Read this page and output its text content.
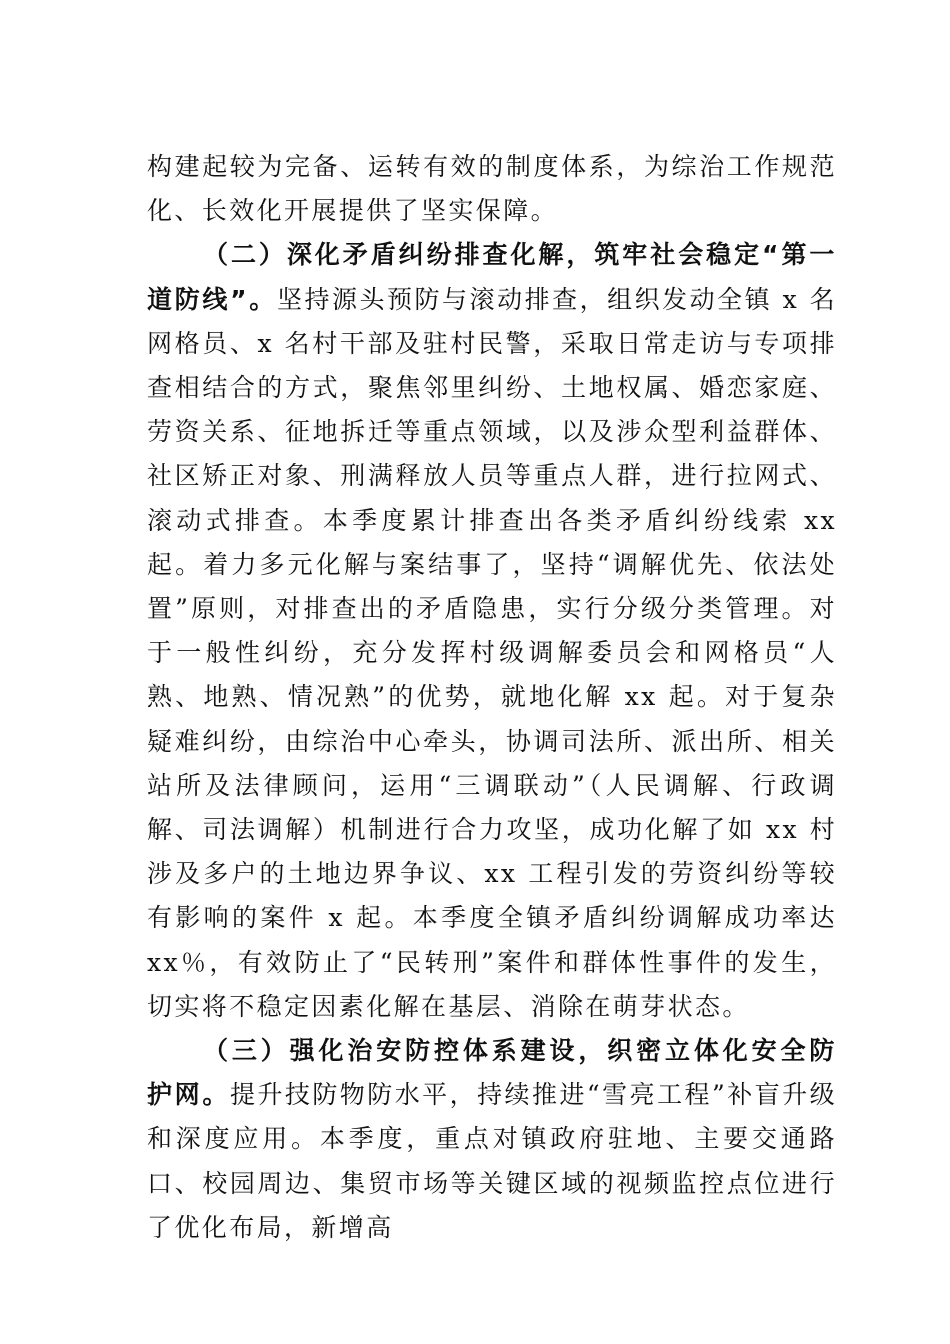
构建起较为完备、运转有效的制度体系，为综治工作规范化、长效化开展提供了坚实保障。

（二）深化矛盾纠纷排查化解，筑牢社会稳定“第一道防线”。坚持源头预防与滚动排查，组织发动全镇 x 名网格员、x 名村干部及驻村民警，采取日常走访与专项排查相结合的方式，聚焦邻里纠纷、土地权属、婚恋家庭、劳资关系、征地拆迁等重点领域，以及涉众型利益群体、社区矫正对象、刑满释放人员等重点人群，进行拉网式、滚动式排查。本季度累计排查出各类矛盾纠纷线索 xx 起。着力多元化解与案结事了，坚持“调解优先、依法处置”原则，对排查出的矛盾隐患，实行分级分类管理。对于一般性纠纷，充分发挥村级调解委员会和网格员“人熟、地熟、情况熟”的优势，就地化解 xx 起。对于复杂疑难纠纷，由综治中心牵头，协调司法所、派出所、相关站所及法律顾问，运用“三调联动”（人民调解、行政调解、司法调解）机制进行合力攻坚，成功化解了如 xx 村涉及多户的土地边界争议、xx 工程引发的劳资纠纷等较有影响的案件 x 起。本季度全镇矛盾纠纷调解成功率达 xx％，有效防止了“民转刑”案件和群体性事件的发生，切实将不稳定因素化解在基层、消除在萌芽状态。

（三）强化治安防控体系建设，织密立体化安全防护网。提升技防物防水平，持续推进“雪亮工程”补盲升级和深度应用。本季度，重点对镇政府驻地、主要交通路口、校园周边、集贸市场等关键区域的视频监控点位进行了优化布局，新增高
